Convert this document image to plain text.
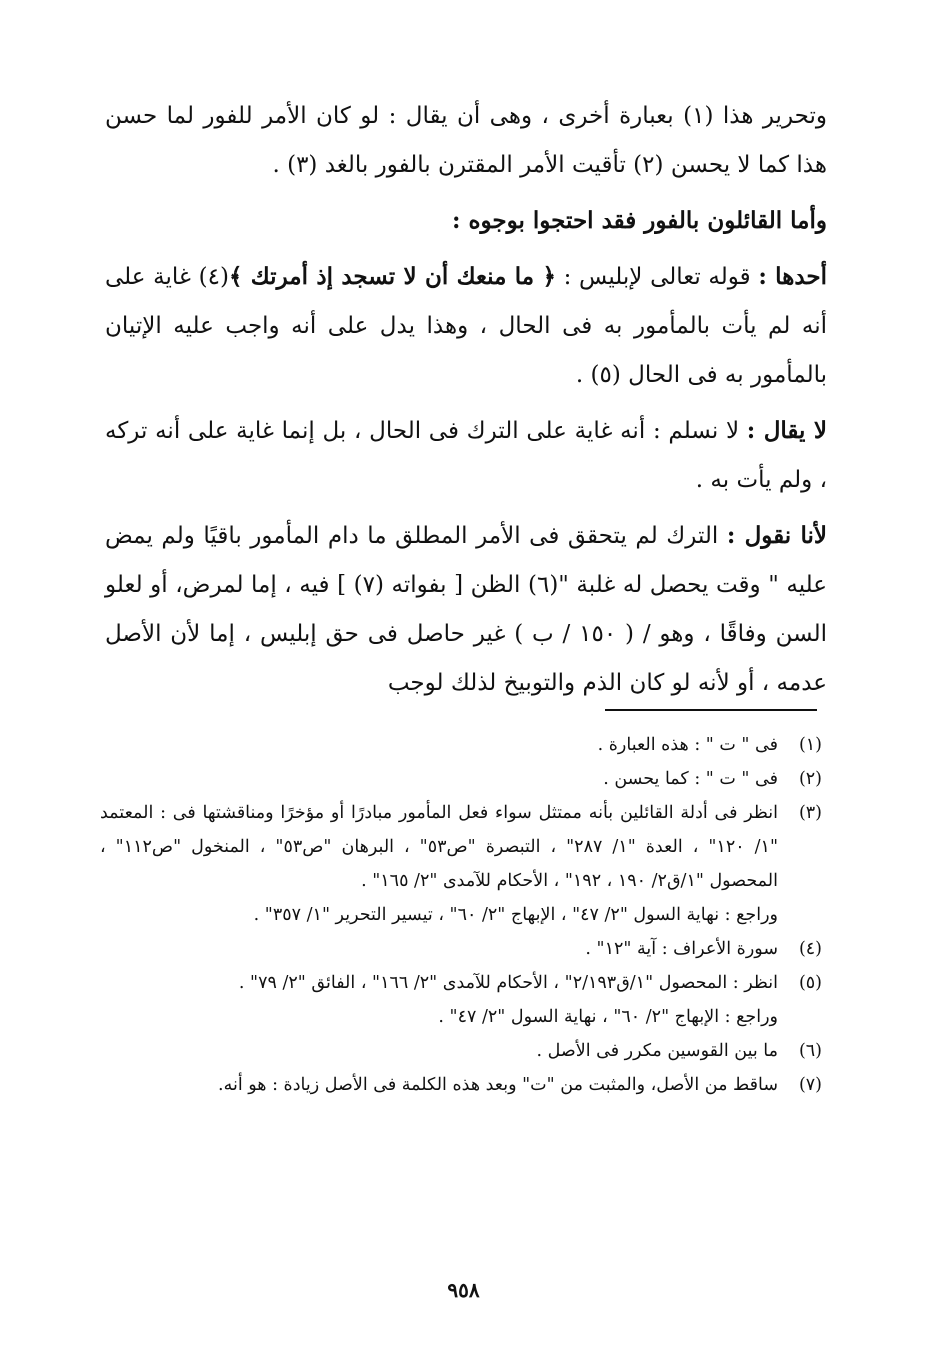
وتحرير هذا (١) بعبارة أخرى ، وهى أن يقال : لو كان الأمر للفور لما حسن هذا كما لا يحسن (٢) تأقيت الأمر المقترن بالفور بالغد (٣) .

وأما القائلون بالفور فقد احتجوا بوجوه :

أحدها : قوله تعالى لإبليس : ﴿ ما منعك أن لا تسجد إذ أمرتك ﴾(٤) غاية على أنه لم يأت بالمأمور به فى الحال ، وهذا يدل على أنه واجب عليه الإتيان بالمأمور به فى الحال (٥) .

لا يقال : لا نسلم : أنه غاية على الترك فى الحال ، بل إنما غاية على أنه تركه ، ولم يأت به .

لأنا نقول : الترك لم يتحقق فى الأمر المطلق ما دام المأمور باقيًا ولم يمض عليه " وقت يحصل له غلبة "(٦) الظن [ بفواته (٧) ] فيه ، إما لمرض، أو لعلو السن وفاقًا ، وهو / ( ١٥٠ / ب ) غير حاصل فى حق إبليس ، إما لأن الأصل عدمه ، أو لأنه لو كان الذم والتوبيخ لذلك لوجب

(١)
فى " ت " : هذه العبارة .
(٢)
فى " ت " : كما يحسن .
(٣)
انظر فى أدلة القائلين بأنه ممتثل سواء فعل المأمور مبادرًا أو مؤخرًا ومناقشتها فى : المعتمد "١/ ١٢٠" ، العدة "١/ ٢٨٧" ، التبصرة "ص٥٣" ، البرهان "ص٥٣" ، المنخول "ص١١٢" ، المحصول "١/ق٢/ ١٩٠ ، ١٩٢" ، الأحكام للآمدى "٢/ ١٦٥" .

وراجع : نهاية السول "٢/ ٤٧" ، الإبهاج "٢/ ٦٠" ، تيسير التحرير "١/ ٣٥٧" .

(٤)
سورة الأعراف : آية "١٢" .
(٥)
انظر : المحصول "١/ق٢/١٩٣" ، الأحكام للآمدى "٢/ ١٦٦" ، الفائق "٢/ ٧٩" .

وراجع : الإبهاج "٢/ ٦٠" ، نهاية السول "٢/ ٤٧" .

(٦)
ما بين القوسين مكرر فى الأصل .
(٧)
ساقط من الأصل، والمثبت من "ت" وبعد هذه الكلمة فى الأصل زيادة : هو أنه.
٩٥٨
